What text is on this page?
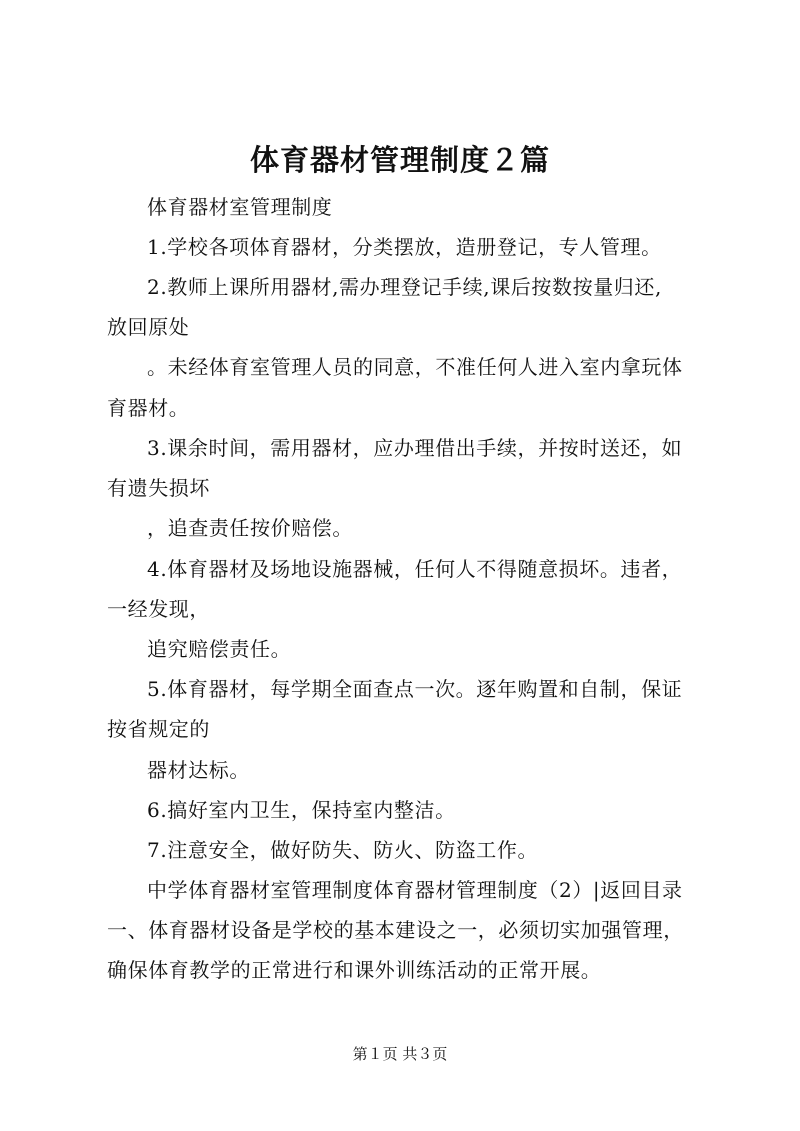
体育器材管理制度２篇
体育器材室管理制度
1.学校各项体育器材，分类摆放，造册登记，专人管理。
2.教师上课所用器材,需办理登记手续,课后按数按量归还,
放回原处
。未经体育室管理人员的同意，不准任何人进入室内拿玩体
育器材。
3.课余时间，需用器材，应办理借出手续，并按时送还，如
有遗失损坏
，追查责任按价赔偿。
4.体育器材及场地设施器械，任何人不得随意损坏。违者，
一经发现，
追究赔偿责任。
5.体育器材，每学期全面查点一次。逐年购置和自制，保证
按省规定的
器材达标。
6.搞好室内卫生，保持室内整洁。
7.注意安全，做好防失、防火、防盗工作。
中学体育器材室管理制度体育器材管理制度（2）|返回目录
一、体育器材设备是学校的基本建设之一，必须切实加强管理，
确保体育教学的正常进行和课外训练活动的正常开展。
第１页 共３页
